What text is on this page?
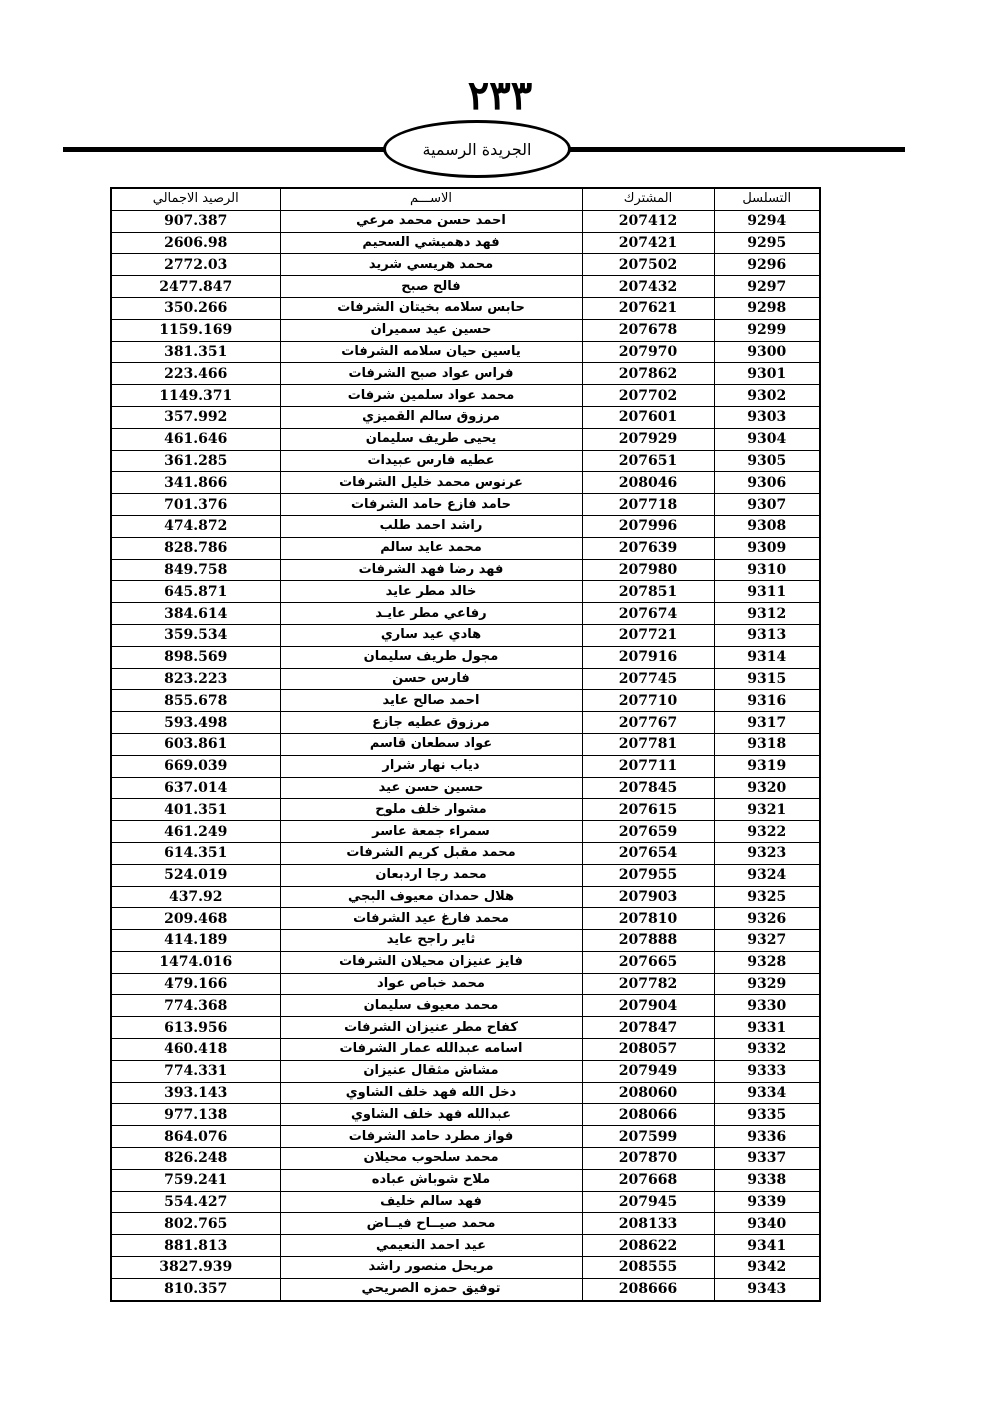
٢٣٣
الجريدة الرسمية
التسلسل	المشترك	الاســـم	الرصيد الاجمالي
9294	207412	احمد حسن محمد مرعي	907.387
9295	207421	فهد دهميشي السحيم	2606.98
9296	207502	محمد هريسي شريد	2772.03
9297	207432	فالح صبح	2477.847
9298	207621	حابس سلامه بخيتان الشرفات	350.266
9299	207678	حسين عيد سميران	1159.169
9300	207970	ياسين حيان سلامه الشرفات	381.351
9301	207862	فراس عواد صبح الشرفات	223.466
9302	207702	محمد عواد سلمين شرفات	1149.371
9303	207601	مرزوق سالم القميزي	357.992
9304	207929	يحيى طريف سليمان	461.646
9305	207651	عطيه فارس عبيدات	361.285
9306	208046	عرنوس محمد خليل الشرفات	341.866
9307	207718	حامد فازع حامد الشرفات	701.376
9308	207996	راشد احمد طلب	474.872
9309	207639	محمد عايد سالم	828.786
9310	207980	فهد رضا فهد الشرفات	849.758
9311	207851	خالد مطر عايد	645.871
9312	207674	رفاعي مطر عايـد	384.614
9313	207721	هادي عيد ساري	359.534
9314	207916	مجول طريف سليمان	898.569
9315	207745	فارس حسن	823.223
9316	207710	احمد صالح عايد	855.678
9317	207767	مرزوق عطيه جازع	593.498
9318	207781	عواد سطعان قاسم	603.861
9319	207711	دياب نهار شرار	669.039
9320	207845	حسين حسن عيد	637.014
9321	207615	مشوار خلف ملوح	401.351
9322	207659	سمراء جمعة عاسر	461.249
9323	207654	محمد مقبل كريم الشرفات	614.351
9324	207955	محمد رجا اردبعان	524.019
9325	207903	هلال حمدان معيوف البجي	437.92
9326	207810	محمد فارغ عيد الشرفات	209.468
9327	207888	ثاير راجح عايد	414.189
9328	207665	فايز عنيزان محيلان الشرفات	1474.016
9329	207782	محمد خباص عواد	479.166
9330	207904	محمد معيوف سليمان	774.368
9331	207847	كفاح مطر عنيزان الشرفات	613.956
9332	208057	اسامه عبدالله عمار الشرفات	460.418
9333	207949	مشاش مثقال عنيزان	774.331
9334	208060	دخل الله فهد خلف الشاوي	393.143
9335	208066	عبدالله فهد خلف الشاوي	977.138
9336	207599	فواز مطرد حامد الشرفات	864.076
9337	207870	محمد سلحوب محيلان	826.248
9338	207668	ملاح شوباش عباده	759.241
9339	207945	فهد سالم خليف	554.427
9340	208133	محمد صيــاح فيــاض	802.765
9341	208622	عيد احمد النعيمي	881.813
9342	208555	مريحل منصور راشد	3827.939
9343	208666	توفيق حمزه الصريحي	810.357
